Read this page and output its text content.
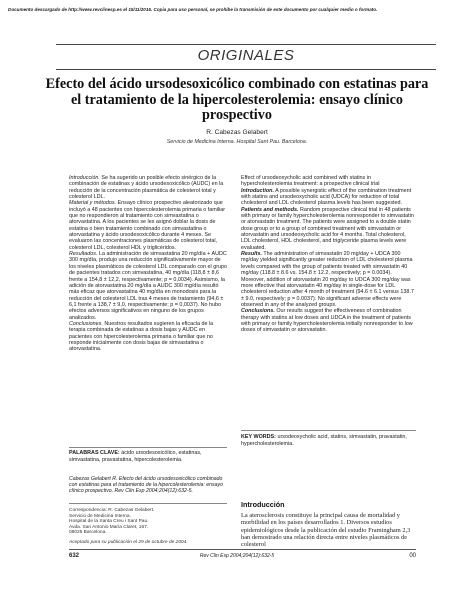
Documento descargado de http://www.revclinesp.es el 15/11/2016. Copia para uso personal, se prohíbe la transmisión de este documento por cualquier medio o formato.
ORIGINALES
Efecto del ácido ursodesoxicólico combinado con estatinas para el tratamiento de la hipercolesterolemia: ensayo clínico prospectivo
R. Cabezas Gelabert
Servicio de Medicina Interna. Hospital Sant Pau. Barcelona.
Introducción. Se ha sugerido un posible efecto sinérgico de la combinación de estatinas y ácido ursodesoxicólico (AUDC) en la reducción de la concentración plasmática de colesterol total y colesterol LDL.
Material y métodos. Ensayo clínico prospectivo aleatorizado que incluyó a 48 pacientes con hipercolesterolemia primaria o familiar que no respondieron al tratamiento con simvastatina o atorvastatina. A los pacientes se les asignó doblar la dosis de estatina o bien tratamiento combinado con simvastatina o atorvastatina y ácido ursodesoxicólico durante 4 meses. Se evaluaron las concentraciones plasmáticas de colesterol total, colesterol LDL, colesterol HDL y triglicéridos.
Resultados. La administración de simvastatina 20 mg/día + AUDC 300 mg/día, produjo una reducción significativamente mayor de los niveles plasmáticos de colesterol LDL comparado con el grupo de pacientes tratados con simvastatina, 40 mg/día (118,8 ± 8,6 frente a 154,8 ± 12,2, respectivamente; p = 0,0034). Asimismo, la adición de atorvastatina 20 mg/día a AUDC 300 mg/día resultó más eficaz que atorvastatina 40 mg/día en monodosis para la reducción del colesterol LDL tras 4 meses de tratamiento (94,6 ± 6,1 frente a 138,7 ± 9,0, respectivamente; p = 0,0037). No hubo efectos adversos significativos en ninguno de los grupos analizados.
Conclusiones. Nuestros resultados sugieren la eficacia de la terapia combinada de estatinas a dosis bajas y AUDC en pacientes con hipercolesterolemia primaria o familiar que no responde inicialmente con dosis bajas de simvastatina o atorvastatina.
PALABRAS CLAVE: ácido ursodesoxicólico, estatinas, simvastatina, pravastatina, hipercolesterolemia.
Cabezas Gelabert R. Efecto del ácido ursodesoxicólico combinado con estatinas para el tratamiento de la hipercolesterolemia: ensayo clínico prospectivo. Rev Clin Esp 2004;204(12):632-5.
Effect of ursodeoxycholic acid combined with statins in hypercholesterolemia treatment: a prospective clinical trial
Introduction. A possible synergistic effect of the combination treatment with statins and ursodeoxycholic acid (UDCA) for reduction of total cholesterol and LDL cholesterol plasma levels has been suggested.
Patients and methods. Random prospective clinical trial in 48 patients with primary or family hypercholesterolemia nonresponder to simvastatin or atorvastatin treatment. The patients were assigned to a double statin dose group or to a group of combined treatment with simvastatin or atorvastatin and ursodeoxycholic acid for 4 months. Total cholesterol, LDL cholesterol, HDL cholesterol, and triglyceride plasma levels were evaluated.
Results. The administration of simvastatin 20 mg/day + UDCA 300 mg/day yielded significantly greater reduction of LDL cholesterol plasma levels compared with the group of patients treated with simvastatin 40 mg/day (118.8 ± 8.6 vs. 154.8 ± 12.2, respectively; p = 0.0034). Moreover, addition of atorvastatin 20 mg/day to UDCA 300 mg/day was more effective that atorvastatin 40 mg/day in single-dose for LDL cholesterol reduction after 4 month of treatment (94.6 ± 6.1 versus 138.7 ± 9.0, respectively; p = 0.0037). No significant adverse effects were observed in any of the analyzed groups.
Conclusions. Our results suggest the effectiveness of combination therapy with statins at low doses and UDCA in the treatment of patients with primary or family hypercholesterolemia initially nonresponder to low doses of simvastatin or atorvastatin.
KEY WORDS: ursodeoxycholic acid, statins, simvastatin, pravastatin, hypercholesterolemia.

Correspondencia: R. Cabezas Gelabert.

Servicio de Medicina Interna.

Hospital de la Santa Creu i Sant Pau.

Avda. San Antonio María Claret, 167.

08025 Barcelona.

Aceptado para su publicación el 29 de octubre de 2004.

Introducción
La aterosclerosis constituye la principal causa de mortalidad y morbilidad en los países desarrollados 1. Diversos estudios epidemiológicos desde la publicación del estudio Framingham 2,3 han demostrado una relación directa entre niveles plasmáticos de colesterol
632	Rev Clin Esp 2004;204(12):632-5	00
